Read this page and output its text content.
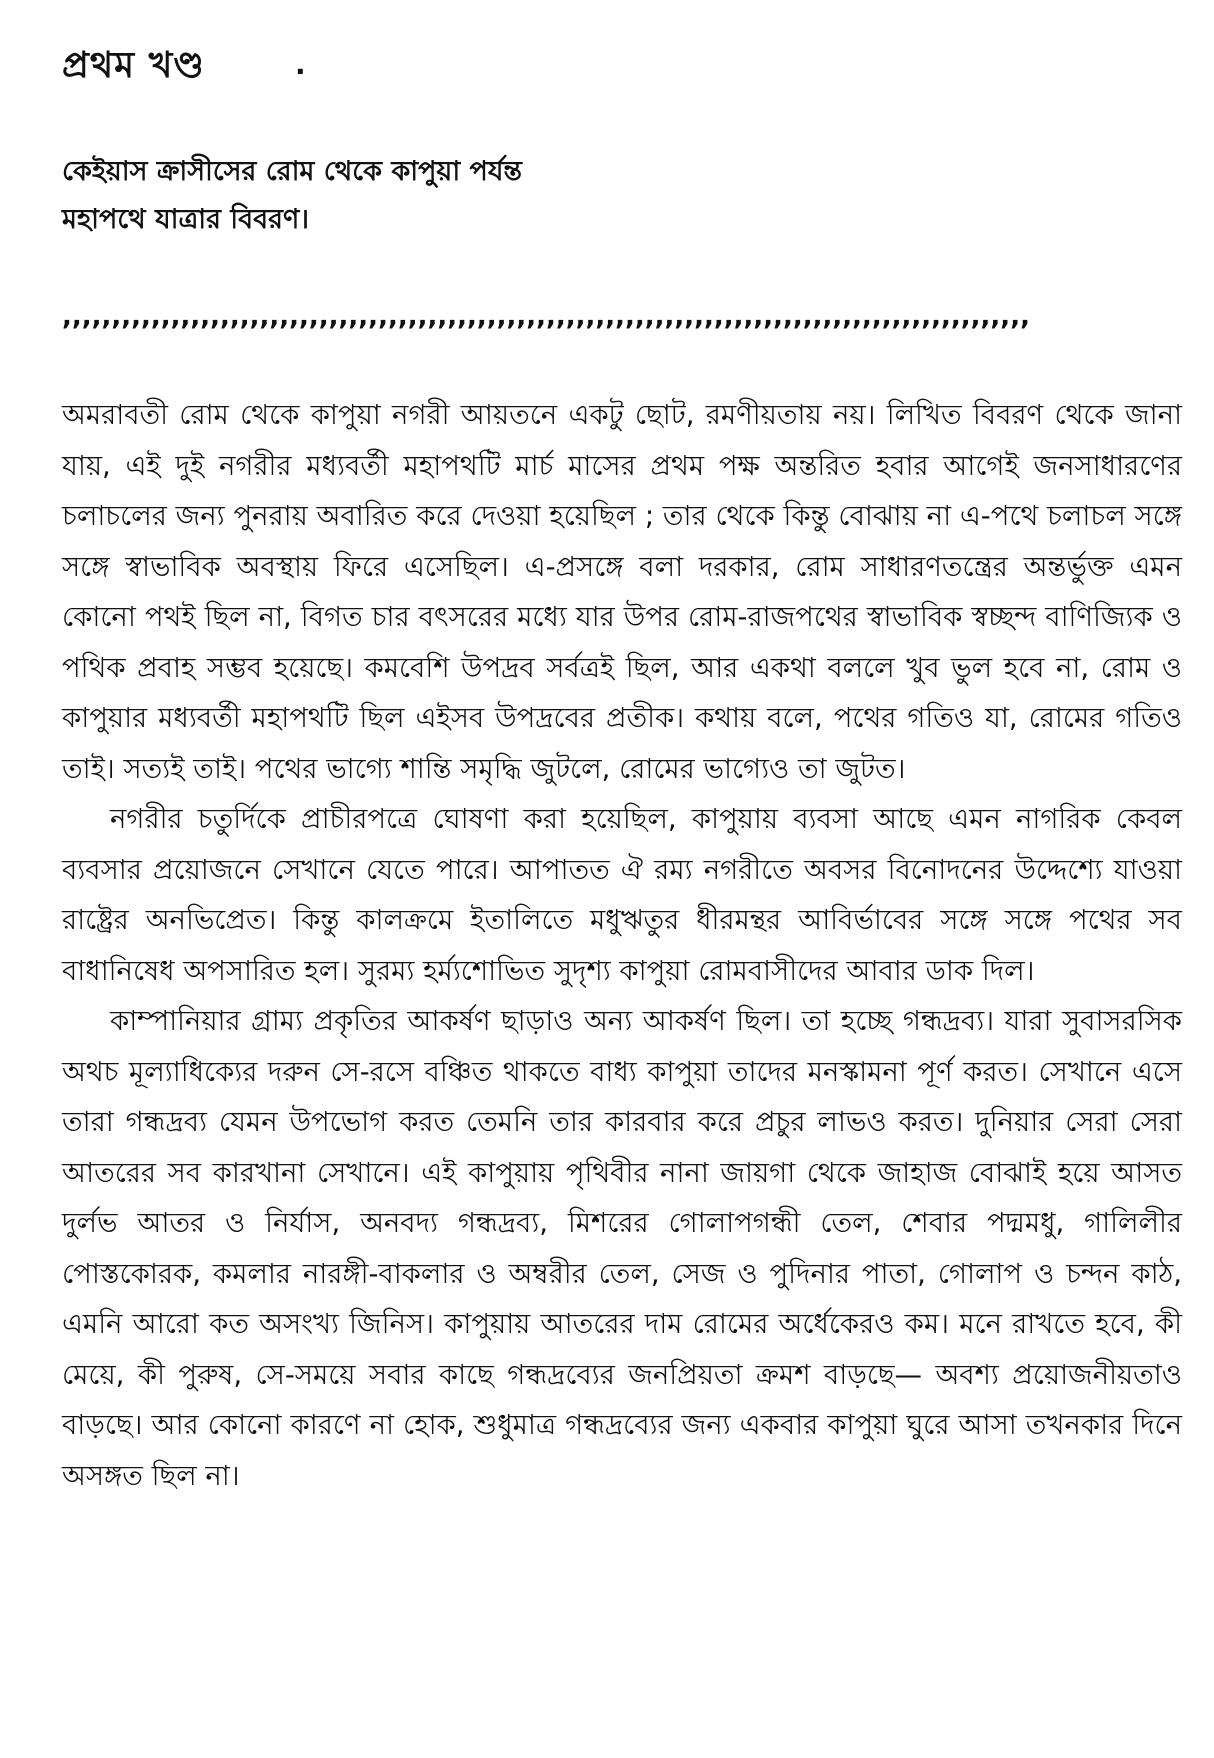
প্রথম খণ্ড	.
কেইয়াস ক্রাসীসের রোম থেকে কাপুয়া পর্যন্ত
মহাপথে যাত্রার বিবরণ।
,,,,,,,,,,,,,,,,,,,,,,,,,,,,,,,,,,,,,,,,,,,,,,,,,,,,,,,,,,,,,,,,,,,,,,,,,,,,,,,,,,,,,,,,,,,,,,,,,,

অমরাবতী রোম থেকে কাপুয়া নগরী আয়তনে একটু ছোট, রমণীয়তায় নয়। লিখিত বিবরণ থেকে জানা যায়, এই দুই নগরীর মধ্যবর্তী মহাপথটি মার্চ মাসের প্রথম পক্ষ অন্তরিত হবার আগেই জনসাধারণের চলাচলের জন্য পুনরায় অবারিত করে দেওয়া হয়েছিল ; তার থেকে কিন্তু বোঝায় না এ-পথে চলাচল সঙ্গে সঙ্গে স্বাভাবিক অবস্থায় ফিরে এসেছিল। এ-প্রসঙ্গে বলা দরকার, রোম সাধারণতন্ত্রের অন্তর্ভুক্ত এমন কোনো পথই ছিল না, বিগত চার বৎসরের মধ্যে যার উপর রোম-রাজপথের স্বাভাবিক স্বচ্ছন্দ বাণিজ্যিক ও পথিক প্রবাহ সম্ভব হয়েছে। কমবেশি উপদ্রব সর্বত্রই ছিল, আর একথা বললে খুব ভুল হবে না, রোম ও কাপুয়ার মধ্যবর্তী মহাপথটি ছিল এইসব উপদ্রবের প্রতীক। কথায় বলে, পথের গতিও যা, রোমের গতিও তাই। সত্যই তাই। পথের ভাগ্যে শান্তি সমৃদ্ধি জুটলে, রোমের ভাগ্যেও তা জুটত।

নগরীর চতুর্দিকে প্রাচীরপত্রে ঘোষণা করা হয়েছিল, কাপুয়ায় ব্যবসা আছে এমন নাগরিক কেবল ব্যবসার প্রয়োজনে সেখানে যেতে পারে। আপাতত ঐ রম্য নগরীতে অবসর বিনোদনের উদ্দেশ্যে যাওয়া রাষ্ট্রের অনভিপ্রেত। কিন্তু কালক্রমে ইতালিতে মধুঋতুর ধীরমন্থর আবির্ভাবের সঙ্গে সঙ্গে পথের সব বাধানিষেধ অপসারিত হল। সুরম্য হর্ম্যশোভিত সুদৃশ্য কাপুয়া রোমবাসীদের আবার ডাক দিল।

কাম্পানিয়ার গ্রাম্য প্রকৃতির আকর্ষণ ছাড়াও অন্য আকর্ষণ ছিল। তা হচ্ছে গন্ধদ্রব্য। যারা সুবাসরসিক অথচ মূল্যাধিক্যের দরুন সে-রসে বঞ্চিত থাকতে বাধ্য কাপুয়া তাদের মনস্কামনা পূর্ণ করত। সেখানে এসে তারা গন্ধদ্রব্য যেমন উপভোগ করত তেমনি তার কারবার করে প্রচুর লাভও করত। দুনিয়ার সেরা সেরা আতরের সব কারখানা সেখানে। এই কাপুয়ায় পৃথিবীর নানা জায়গা থেকে জাহাজ বোঝাই হয়ে আসত দুর্লভ আতর ও নির্যাস, অনবদ্য গন্ধদ্রব্য, মিশরের গোলাপগন্ধী তেল, শেবার পদ্মমধু, গালিলীর পোস্তকোরক, কমলার নারঙ্গী-বাকলার ও অম্বরীর তেল, সেজ ও পুদিনার পাতা, গোলাপ ও চন্দন কাঠ, এমনি আরো কত অসংখ্য জিনিস। কাপুয়ায় আতরের দাম রোমের অর্ধেকেরও কম। মনে রাখতে হবে, কী মেয়ে, কী পুরুষ, সে-সময়ে সবার কাছে গন্ধদ্রব্যের জনপ্রিয়তা ক্রমশ বাড়ছে— অবশ্য প্রয়োজনীয়তাও বাড়ছে। আর কোনো কারণে না হোক, শুধুমাত্র গন্ধদ্রব্যের জন্য একবার কাপুয়া ঘুরে আসা তখনকার দিনে অসঙ্গত ছিল না।
